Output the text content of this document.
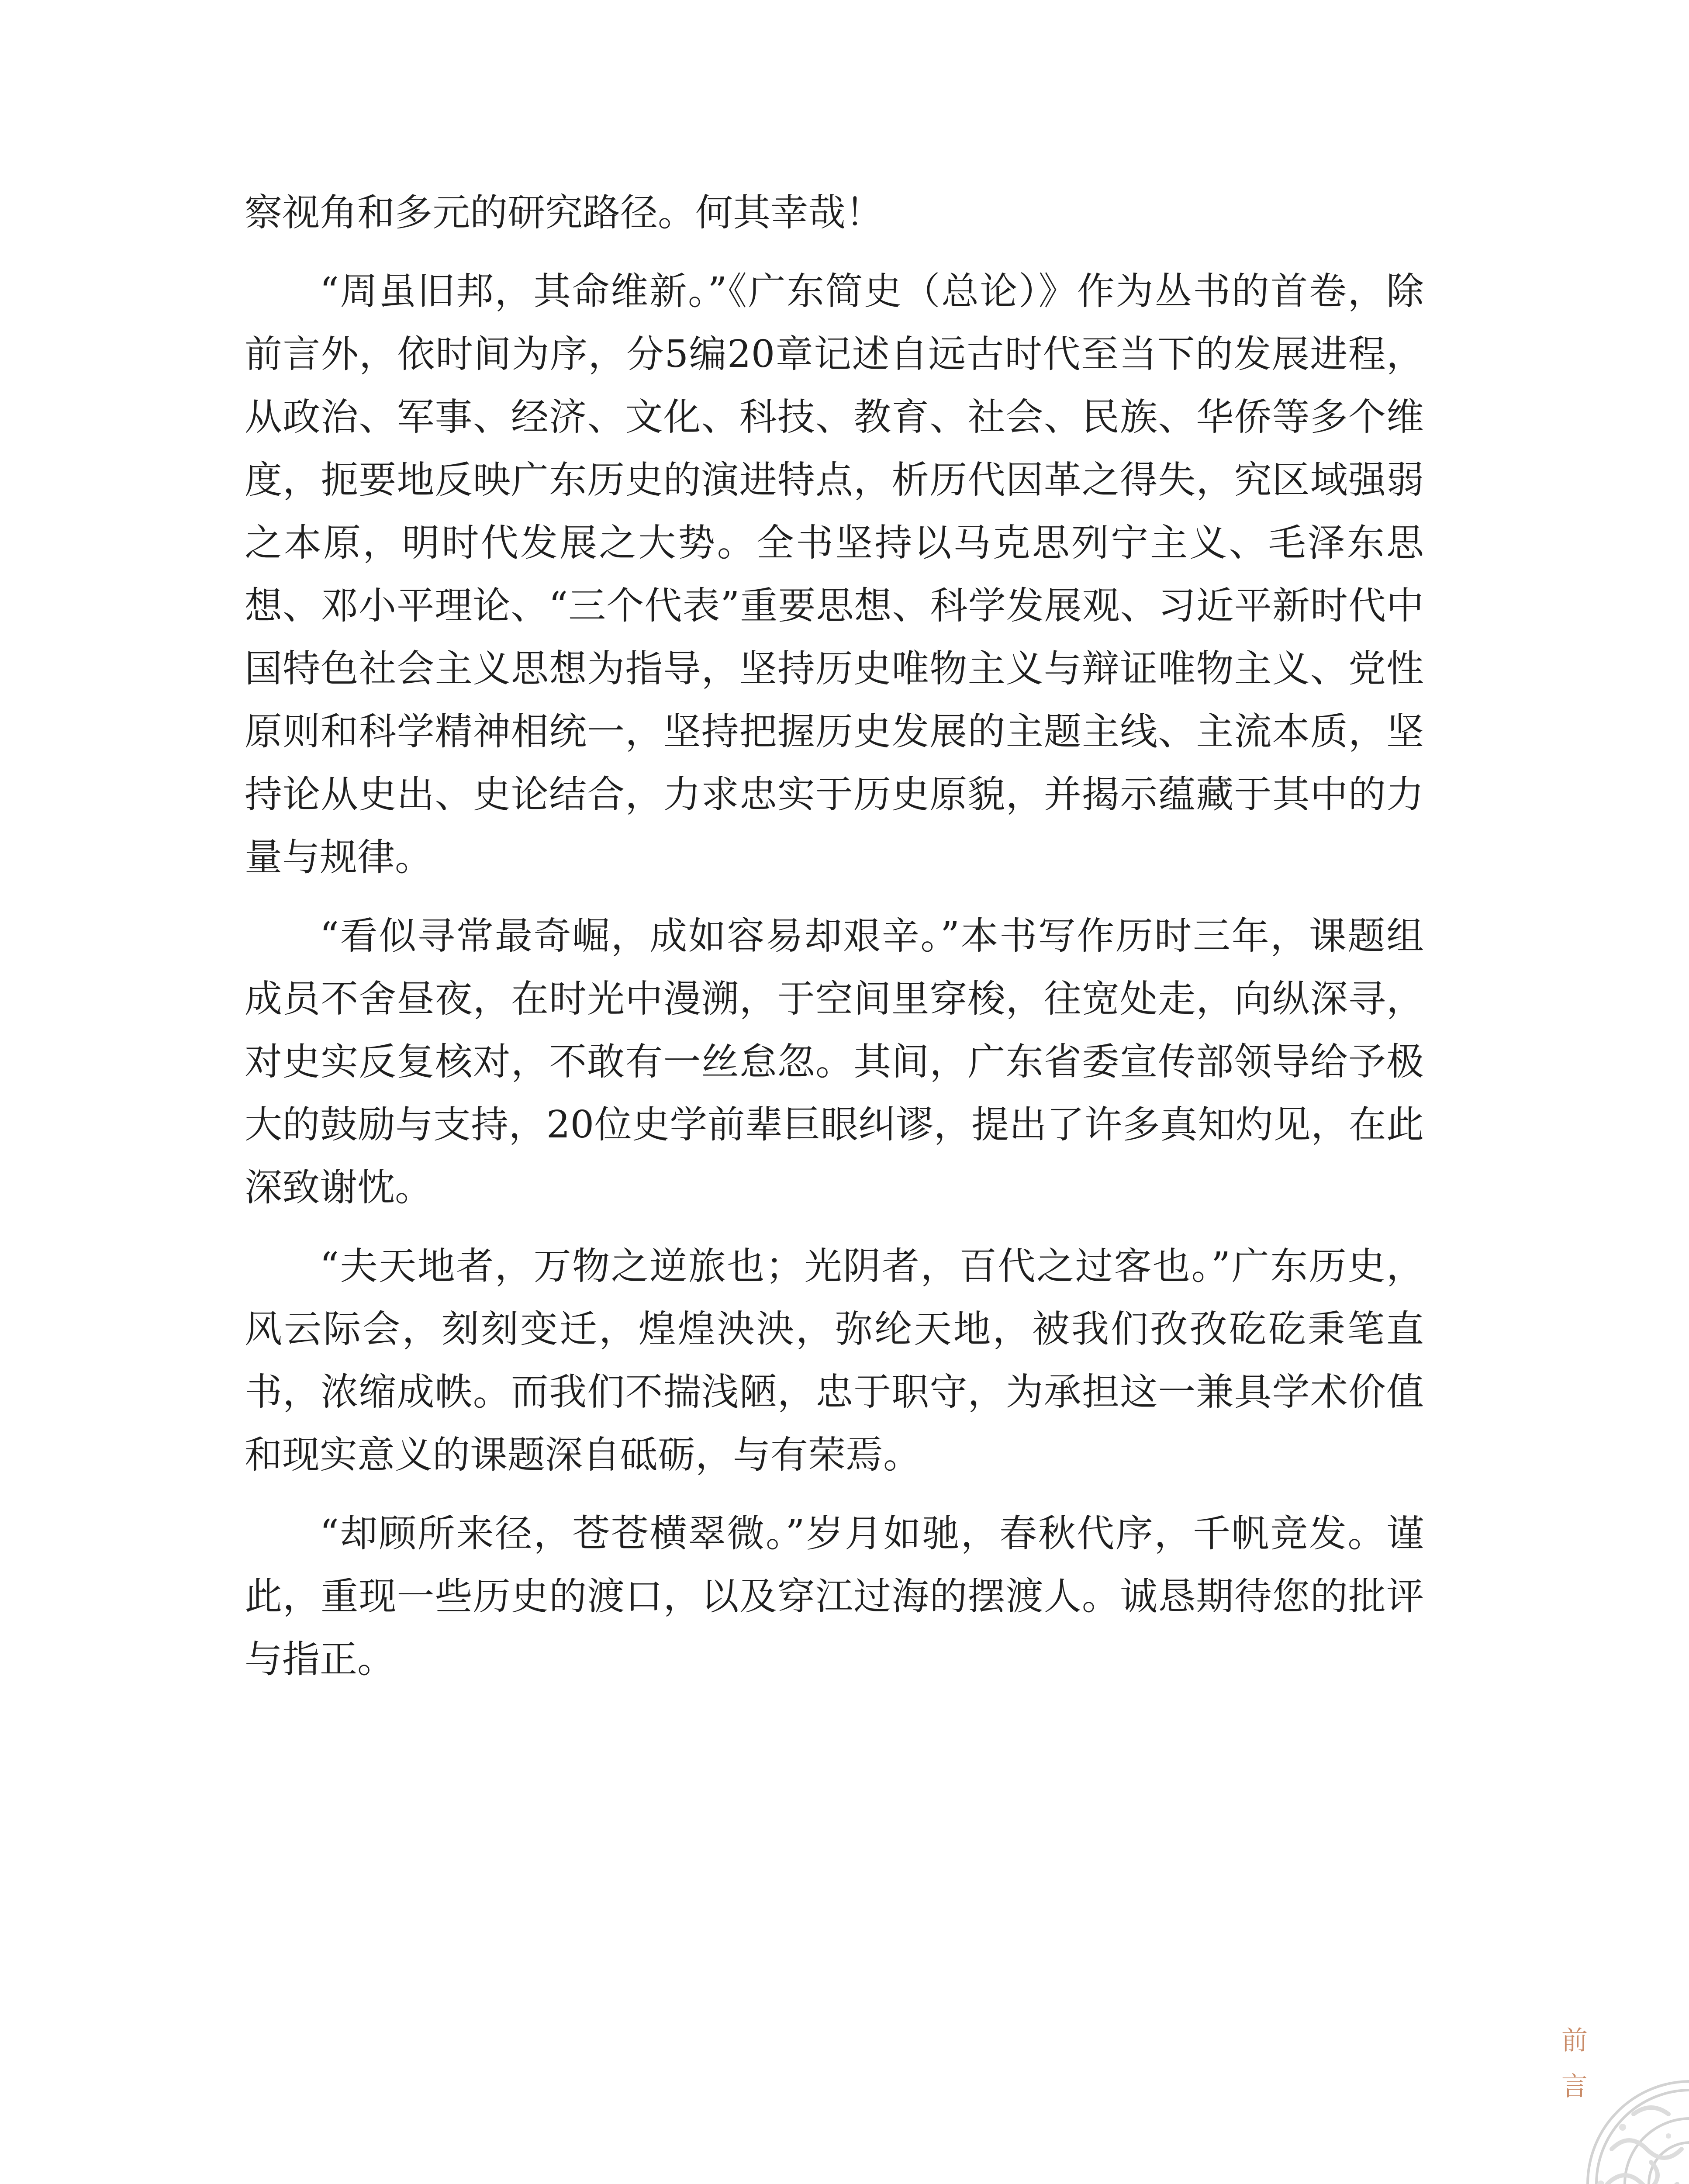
察视角和多元的研究路径。何其幸哉！

“周虽旧邦，其命维新。”《广东简史（总论）》作为丛书的首卷，除前言外，依时间为序，分5编20章记述自远古时代至当下的发展进程，从政治、军事、经济、文化、科技、教育、社会、民族、华侨等多个维度，扼要地反映广东历史的演进特点，析历代因革之得失，究区域强弱之本原，明时代发展之大势。全书坚持以马克思列宁主义、毛泽东思想、邓小平理论、“三个代表”重要思想、科学发展观、习近平新时代中国特色社会主义思想为指导，坚持历史唯物主义与辩证唯物主义、党性原则和科学精神相统一，坚持把握历史发展的主题主线、主流本质，坚持论从史出、史论结合，力求忠实于历史原貌，并揭示蕴藏于其中的力量与规律。

“看似寻常最奇崛，成如容易却艰辛。”本书写作历时三年，课题组成员不舍昼夜，在时光中漫溯，于空间里穿梭，往宽处走，向纵深寻，对史实反复核对，不敢有一丝怠忽。其间，广东省委宣传部领导给予极大的鼓励与支持，20位史学前辈巨眼纠谬，提出了许多真知灼见，在此深致谢忱。

“夫天地者，万物之逆旅也；光阴者，百代之过客也。”广东历史，风云际会，刻刻变迁，煌煌泱泱，弥纶天地，被我们孜孜矻矻秉笔直书，浓缩成帙。而我们不揣浅陋，忠于职守，为承担这一兼具学术价值和现实意义的课题深自砥砺，与有荣焉。

“却顾所来径，苍苍横翠微。”岁月如驰，春秋代序，千帆竞发。谨此，重现一些历史的渡口，以及穿江过海的摆渡人。诚恳期待您的批评与指正。

前
言
